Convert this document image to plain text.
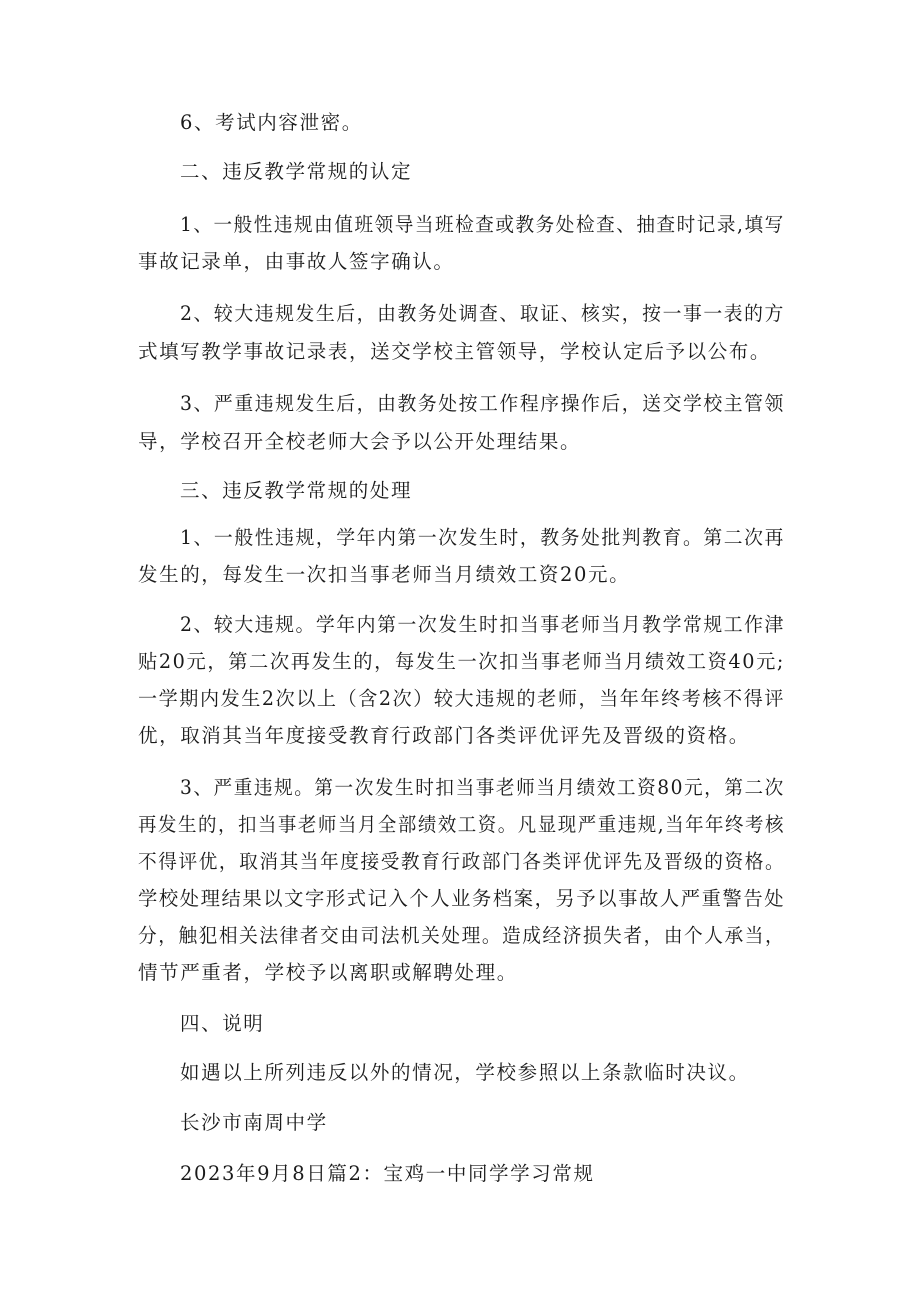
6、考试内容泄密。
二、违反教学常规的认定
1、一般性违规由值班领导当班检查或教务处检查、抽查时记录,填写
事故记录单，由事故人签字确认。
2、较大违规发生后，由教务处调查、取证、核实，按一事一表的方
式填写教学事故记录表，送交学校主管领导，学校认定后予以公布。
3、严重违规发生后，由教务处按工作程序操作后，送交学校主管领
导，学校召开全校老师大会予以公开处理结果。
三、违反教学常规的处理
1、一般性违规，学年内第一次发生时，教务处批判教育。第二次再
发生的，每发生一次扣当事老师当月绩效工资20元。
2、较大违规。学年内第一次发生时扣当事老师当月教学常规工作津
贴20元，第二次再发生的，每发生一次扣当事老师当月绩效工资40元;
一学期内发生2次以上（含2次）较大违规的老师，当年年终考核不得评
优，取消其当年度接受教育行政部门各类评优评先及晋级的资格。
3、严重违规。第一次发生时扣当事老师当月绩效工资80元，第二次
再发生的，扣当事老师当月全部绩效工资。凡显现严重违规,当年年终考核
不得评优，取消其当年度接受教育行政部门各类评优评先及晋级的资格。
学校处理结果以文字形式记入个人业务档案，另予以事故人严重警告处
分，触犯相关法律者交由司法机关处理。造成经济损失者，由个人承当，
情节严重者，学校予以离职或解聘处理。
四、说明
如遇以上所列违反以外的情况，学校参照以上条款临时决议。
长沙市南周中学
2023年9月8日篇2：宝鸡一中同学学习常规
